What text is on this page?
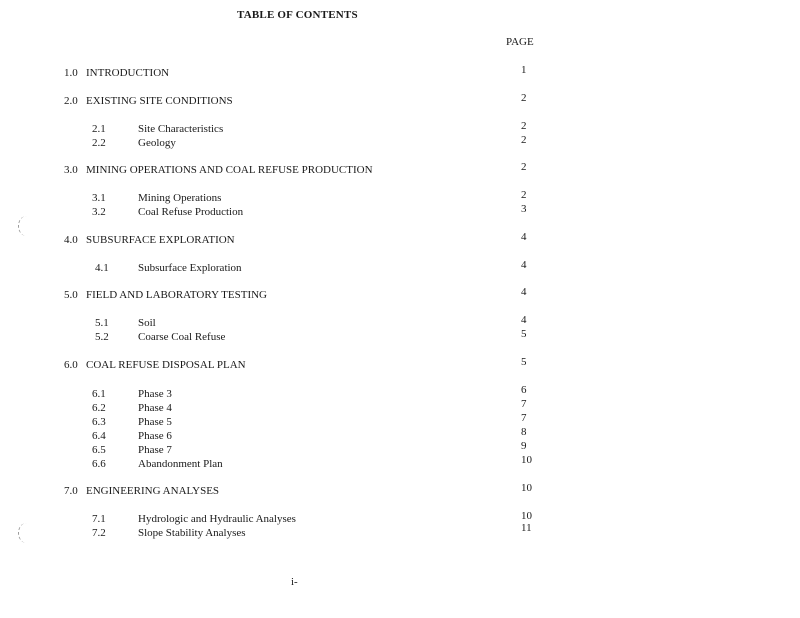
TABLE OF CONTENTS
PAGE
1.0 INTRODUCTION	1
2.0 EXISTING SITE CONDITIONS	2
2.1	Site Characteristics	2
2.2	Geology	2
3.0 MINING OPERATIONS AND COAL REFUSE PRODUCTION	2
3.1	Mining Operations	2
3.2	Coal Refuse Production	3
4.0 SUBSURFACE EXPLORATION	4
4.1	Subsurface Exploration	4
5.0 FIELD AND LABORATORY TESTING	4
5.1	Soil	4
5.2	Coarse Coal Refuse	5
6.0 COAL REFUSE DISPOSAL PLAN	5
6.1	Phase 3	6
6.2	Phase 4	7
6.3	Phase 5	7
6.4	Phase 6	8
6.5	Phase 7	9
6.6	Abandonment Plan	10
7.0 ENGINEERING ANALYSES	10
7.1	Hydrologic and Hydraulic Analyses	10
7.2	Slope Stability Analyses	11
i-
